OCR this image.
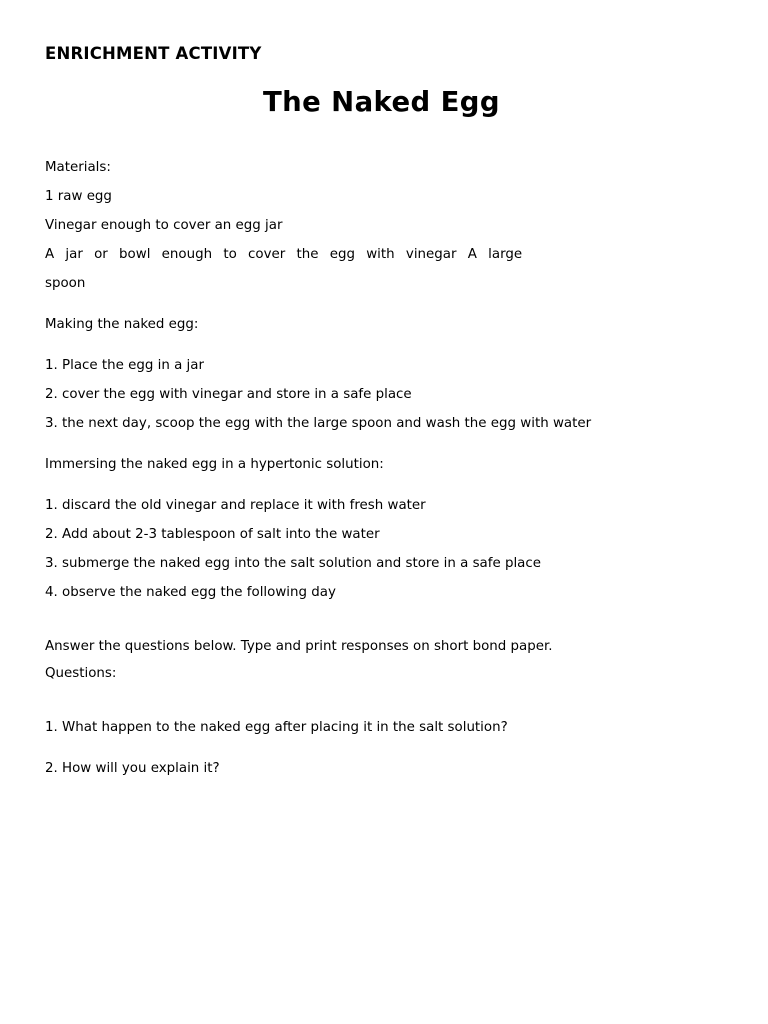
ENRICHMENT ACTIVITY
The Naked Egg
Materials:
1 raw egg
Vinegar enough to cover an egg jar
A jar or bowl enough to cover the egg with vinegar A large
spoon
Making the naked egg:
1. Place the egg in a jar
2. cover the egg with vinegar and store in a safe place
3. the next day, scoop the egg with the large spoon and wash the egg with water
Immersing the naked egg in a hypertonic solution:
1. discard the old vinegar and replace it with fresh water
2. Add about 2-3 tablespoon of salt into the water
3. submerge the naked egg into the salt solution and store in a safe place
4. observe the naked egg the following day
Answer the questions below. Type and print responses on short bond paper.
Questions:
1. What happen to the naked egg after placing it in the salt solution?
2. How will you explain it?
